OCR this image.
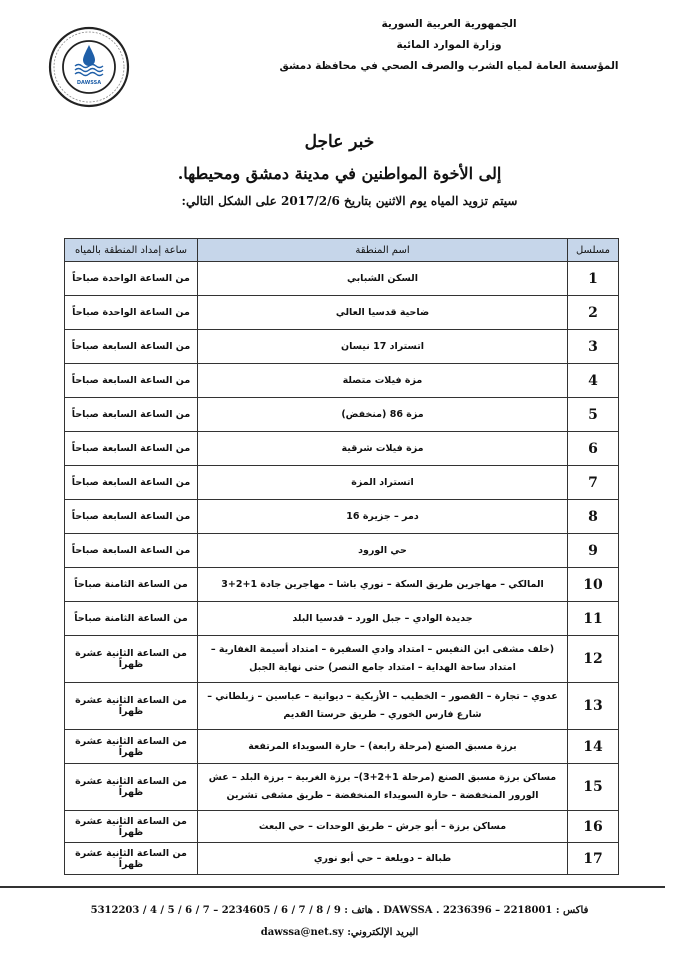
الجمهورية العربية السورية
وزارة الموارد المائية
المؤسسة العامة لمياه الشرب والصرف الصحي في محافظة دمشق
DAWSSA
خبر عاجل
إلى الأخوة المواطنين في مدينة دمشق ومحيطها.
سيتم تزويد المياه يوم الاثنين بتاريخ 2017/2/6 على الشكل التالي:
مسلسل	اسم المنطقة	ساعة إمداد المنطقة بالمياه
1	السكن الشبابي	من الساعة الواحدة صباحاً
2	ضاحية قدسيا العالي	من الساعة الواحدة صباحاً
3	اتستراد 17 نيسان	من الساعة السابعة صباحاً
4	مزة فيلات متصلة	من الساعة السابعة صباحاً
5	مزة 86 (منخفض)	من الساعة السابعة صباحاً
6	مزة فيلات شرقية	من الساعة السابعة صباحاً
7	اتستراد المزة	من الساعة السابعة صباحاً
8	دمر – جزيرة 16	من الساعة السابعة صباحاً
9	حي الورود	من الساعة السابعة صباحاً
10	المالكي – مهاجرين طريق السكة – نوري باشا – مهاجرين جادة 1+2+3	من الساعة الثامنة صباحاً
11	جديدة الوادي – جبل الورد – قدسيا البلد	من الساعة الثامنة صباحاً
12	(خلف مشفى ابن النفيس – امتداد وادي السفيرة – امتداد أسيمة الغفارية – امتداد ساحة الهداية – امتداد جامع النصر) حتى نهاية الجبل	من الساعة الثانية عشرة ظهراً
13	عدوي – تجارة – القصور – الخطيب – الأزبكية – ديوانية – عباسين – زبلطاني – شارع فارس الخوري – طريق حرستا القديم	من الساعة الثانية عشرة ظهراً
14	برزة مسبق الصنع (مرحلة رابعة) – حارة السويداء المرتفعة	من الساعة الثانية عشرة ظهراً
15	مساكن برزة مسبق الصنع (مرحلة 1+2+3)– برزة الغربية – برزة البلد – عش الورور المنخفضة – حارة السويداء المنخفضة – طريق مشفى تشرين	من الساعة الثانية عشرة ظهراً
16	مساكن برزة – أبو جرش – طريق الوحدات – حي البعث	من الساعة الثانية عشرة ظهراً
17	طبالة – دويلعة – حي أبو نوري	من الساعة الثانية عشرة ظهراً
هاتف : 9 / 8 / 7 / 6 / 2234605 – 7 / 6 / 5 / 4 / 5312203 . DAWSSA . فاكس : 2218001 – 2236396
البريد الإلكتروني: dawssa@net.sy
